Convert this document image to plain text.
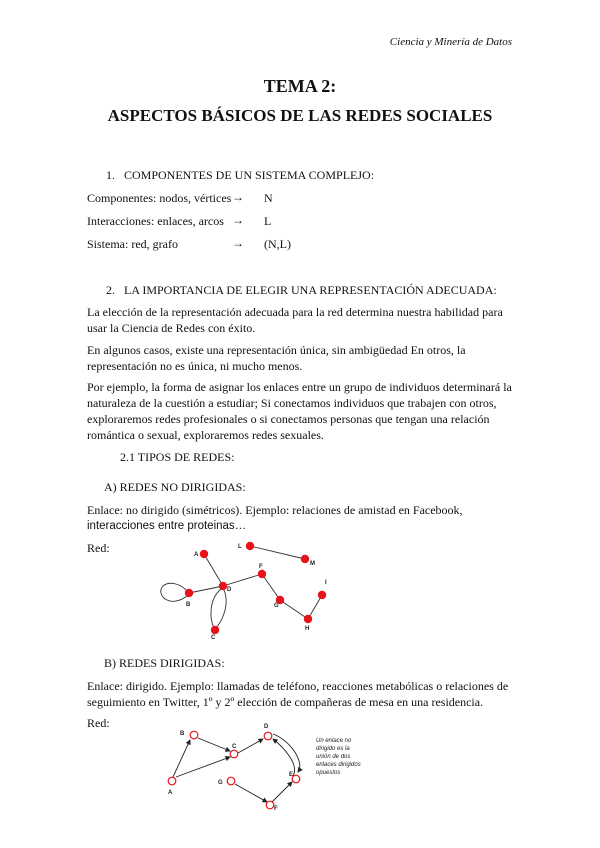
Ciencia y Minería de Datos
TEMA 2:
ASPECTOS BÁSICOS DE LAS REDES SOCIALES
1. COMPONENTES DE UN SISTEMA COMPLEJO:
Componentes: nodos, vértices → N
Interacciones: enlaces, arcos → L
Sistema: red, grafo	→ (N,L)
2. LA IMPORTANCIA DE ELEGIR UNA REPRESENTACIÓN ADECUADA:
La elección de la representación adecuada para la red determina nuestra habilidad para usar la Ciencia de Redes con éxito.
En algunos casos, existe una representación única, sin ambigüedad En otros, la representación no es única, ni mucho menos.
Por ejemplo, la forma de asignar los enlaces entre un grupo de individuos determinará la naturaleza de la cuestión a estudiar; Si conectamos individuos que trabajen con otros, exploraremos redes profesionales o si conectamos personas que tengan una relación romántica o sexual, exploraremos redes sexuales.
2.1 TIPOS DE REDES:
A) REDES NO DIRIGIDAS:
Enlace: no dirigido (simétricos). Ejemplo: relaciones de amistad en Facebook,
interacciones entre proteinas…
Red:	A
B
C
D
F
G
H
I
L
M
B) REDES DIRIGIDAS:
Enlace: dirigido. Ejemplo: llamadas de teléfono, reacciones metabólicas o relaciones de seguimiento en Twitter, 1º y 2º elección de compañeras de mesa en una residencia.
Red:
A
B
C
D
E
F
G
Un enlace no
dirigido es la
unión de dos
enlaces dirigidos
opuestos
